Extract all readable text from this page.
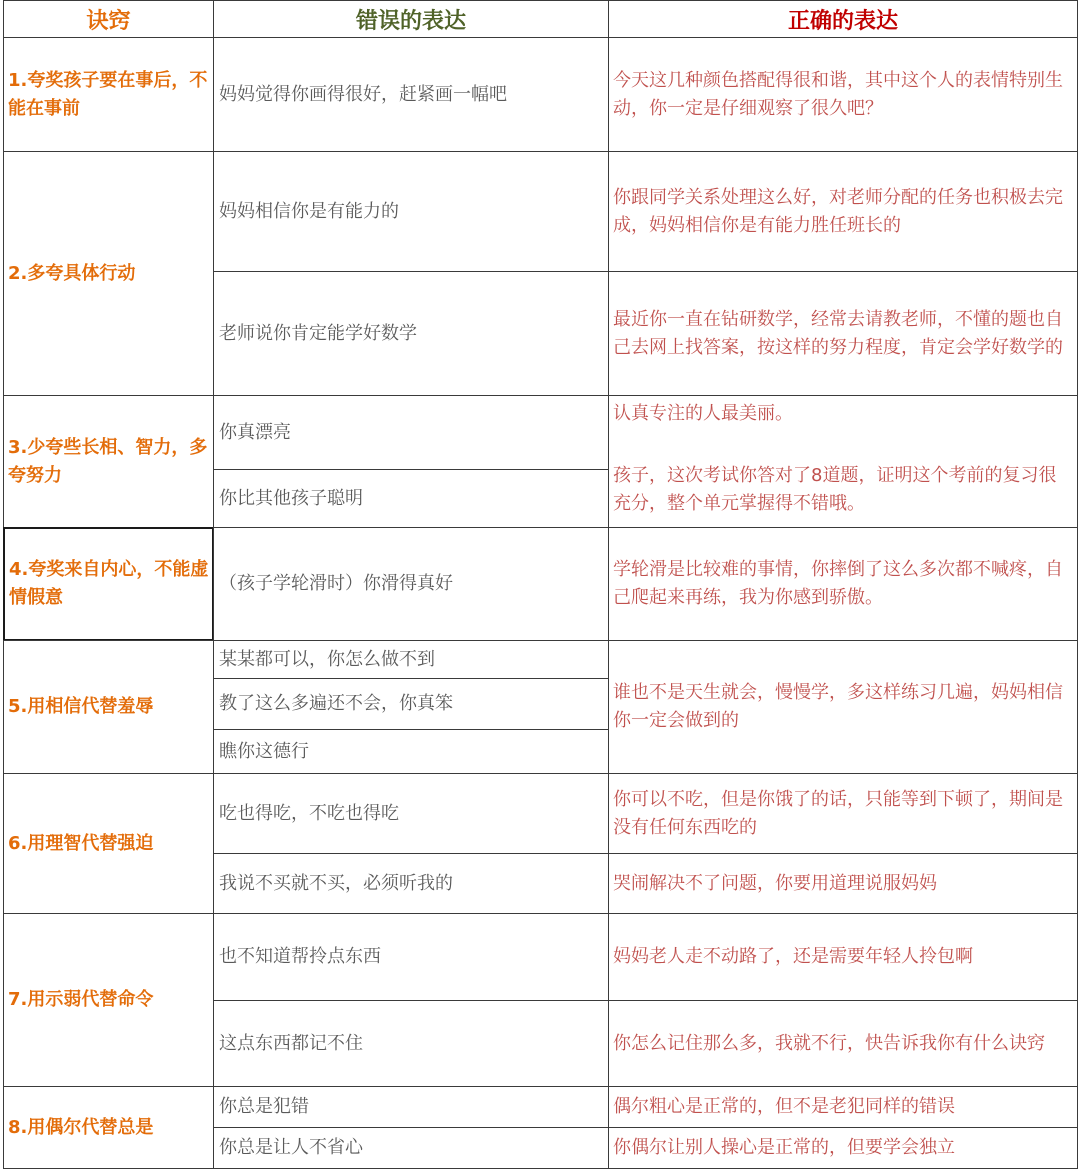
诀窍	错误的表达	正确的表达
1.夸奖孩子要在事后，不能在事前
妈妈觉得你画得很好，赶紧画一幅吧
今天这几种颜色搭配得很和谐，其中这个人的表情特别生动，你一定是仔细观察了很久吧？
2.多夸具体行动
妈妈相信你是有能力的
老师说你肯定能学好数学
你跟同学关系处理这么好，对老师分配的任务也积极去完成，妈妈相信你是有能力胜任班长的
最近你一直在钻研数学，经常去请教老师，不懂的题也自己去网上找答案，按这样的努力程度，肯定会学好数学的
3.少夸些长相、智力，多夸努力
你真漂亮
你比其他孩子聪明
认真专注的人最美丽。
孩子，这次考试你答对了8道题，证明这个考前的复习很充分，整个单元掌握得不错哦。
4.夸奖来自内心，不能虚情假意
（孩子学轮滑时）你滑得真好
学轮滑是比较难的事情，你摔倒了这么多次都不喊疼，自己爬起来再练，我为你感到骄傲。
5.用相信代替羞辱
某某都可以，你怎么做不到
教了这么多遍还不会，你真笨
瞧你这德行
谁也不是天生就会，慢慢学，多这样练习几遍，妈妈相信你一定会做到的
6.用理智代替强迫
吃也得吃，不吃也得吃
我说不买就不买，必须听我的
你可以不吃，但是你饿了的话，只能等到下顿了，期间是没有任何东西吃的
哭闹解决不了问题，你要用道理说服妈妈
7.用示弱代替命令
也不知道帮拎点东西
这点东西都记不住
妈妈老人走不动路了，还是需要年轻人拎包啊
你怎么记住那么多，我就不行，快告诉我你有什么诀窍
8.用偶尔代替总是
你总是犯错
你总是让人不省心
偶尔粗心是正常的，但不是老犯同样的错误
你偶尔让别人操心是正常的，但要学会独立
